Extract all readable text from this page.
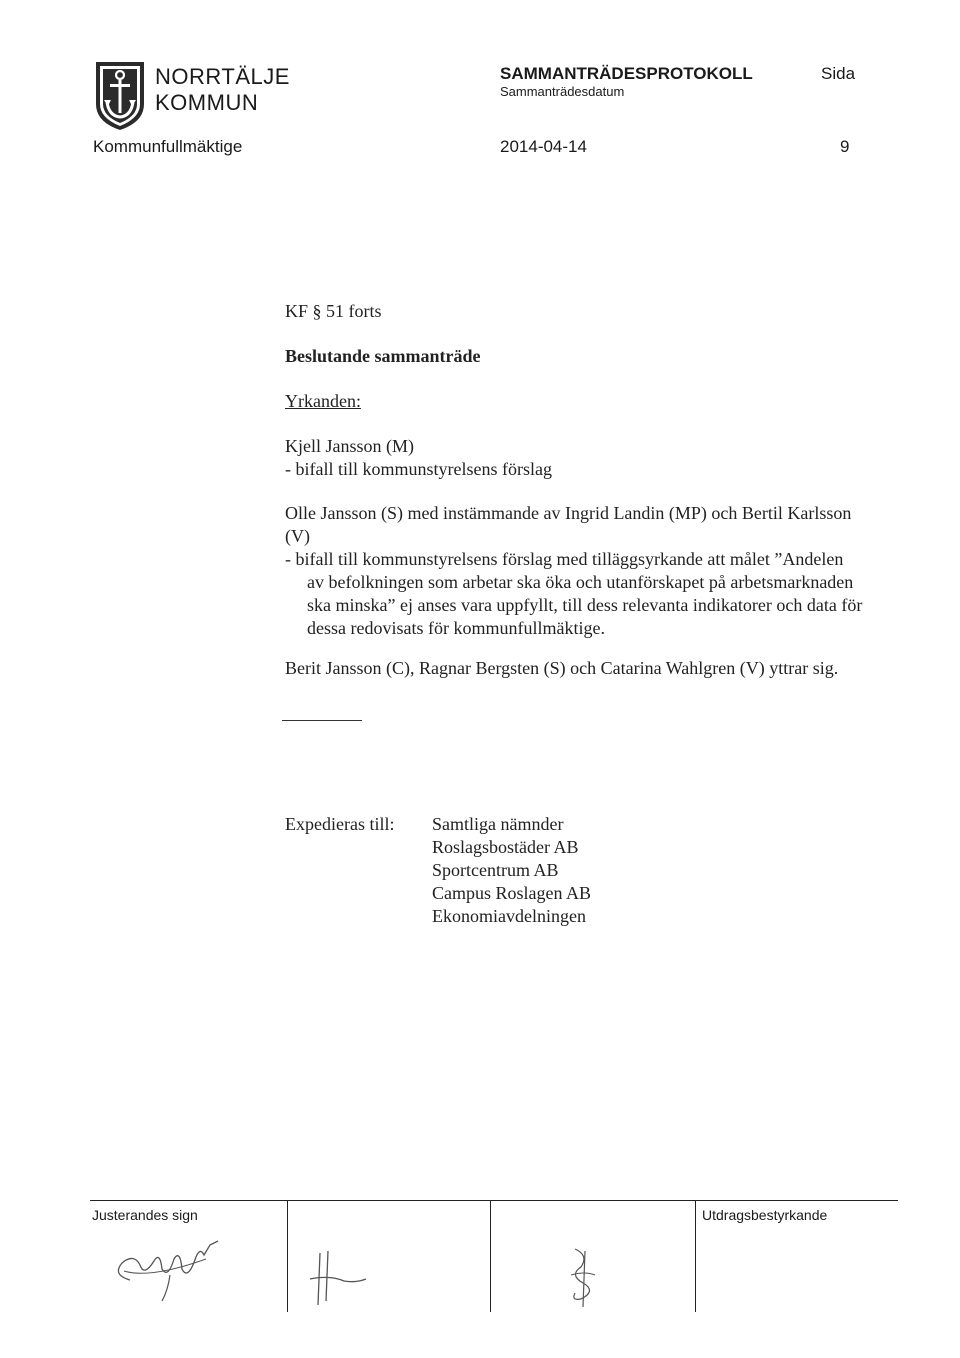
NORRTÄLJE
KOMMUN
SAMMANTRÄDESPROTOKOLL
Sammanträdesdatum
Sida
Kommunfullmäktige	2014-04-14	9
KF § 51 forts
Beslutande sammanträde
Yrkanden:
Kjell Jansson (M)
- bifall till kommunstyrelsens förslag
Olle Jansson (S) med instämmande av Ingrid Landin (MP) och Bertil Karlsson
(V)
- bifall till kommunstyrelsens förslag med tilläggsyrkande att målet ”Andelen
av befolkningen som arbetar ska öka och utanförskapet på arbetsmarknaden
ska minska” ej anses vara uppfyllt, till dess relevanta indikatorer och data för
dessa redovisats för kommunfullmäktige.
Berit Jansson (C), Ragnar Bergsten (S) och Catarina Wahlgren (V) yttrar sig.
Expedieras till: Samtliga nämnder
Roslagsbostäder AB
Sportcentrum AB
Campus Roslagen AB
Ekonomiavdelningen
Justerandes sign	Utdragsbestyrkande
